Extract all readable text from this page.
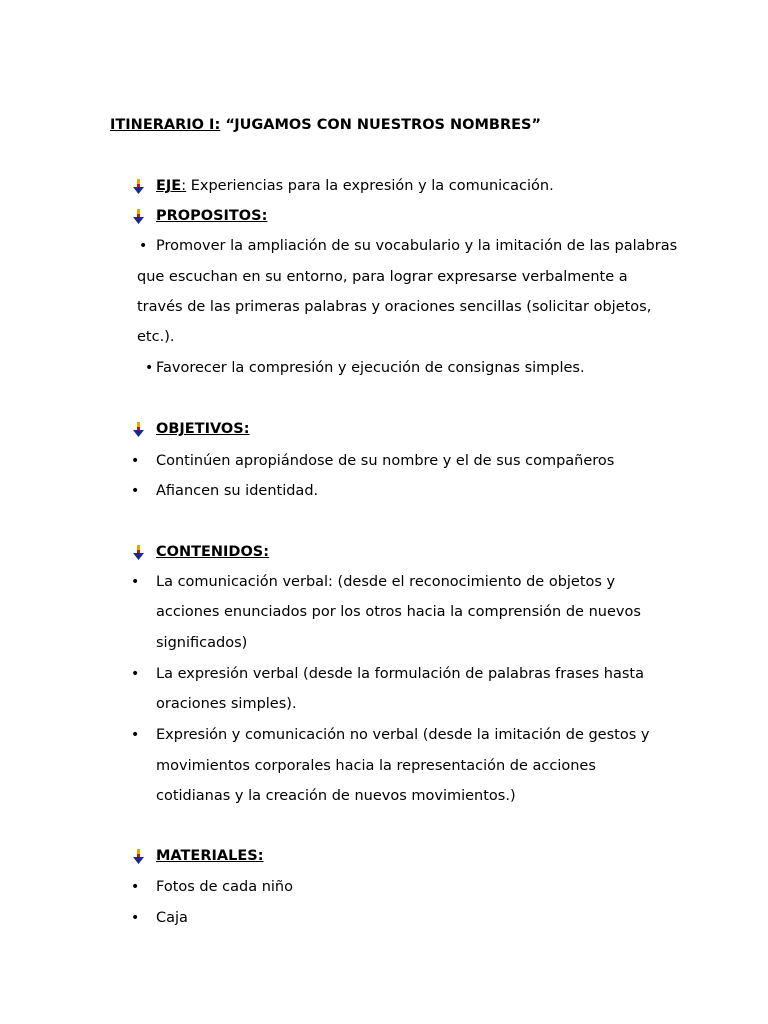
ITINERARIO I: “JUGAMOS CON NUESTROS NOMBRES”
EJE: Experiencias para la expresión y la comunicación.
PROPOSITOS:
• Promover la ampliación de su vocabulario y la imitación de las palabras
que escuchan en su entorno, para lograr expresarse verbalmente a
través de las primeras palabras y oraciones sencillas (solicitar objetos,
etc.).
• Favorecer la compresión y ejecución de consignas simples.
OBJETIVOS:
• Continúen apropiándose de su nombre y el de sus compañeros
• Afiancen su identidad.
CONTENIDOS:
• La comunicación verbal: (desde el reconocimiento de objetos y
acciones enunciados por los otros hacia la comprensión de nuevos
significados)
• La expresión verbal (desde la formulación de palabras frases hasta
oraciones simples).
• Expresión y comunicación no verbal (desde la imitación de gestos y
movimientos corporales hacia la representación de acciones
cotidianas y la creación de nuevos movimientos.)
MATERIALES:
• Fotos de cada niño
• Caja
